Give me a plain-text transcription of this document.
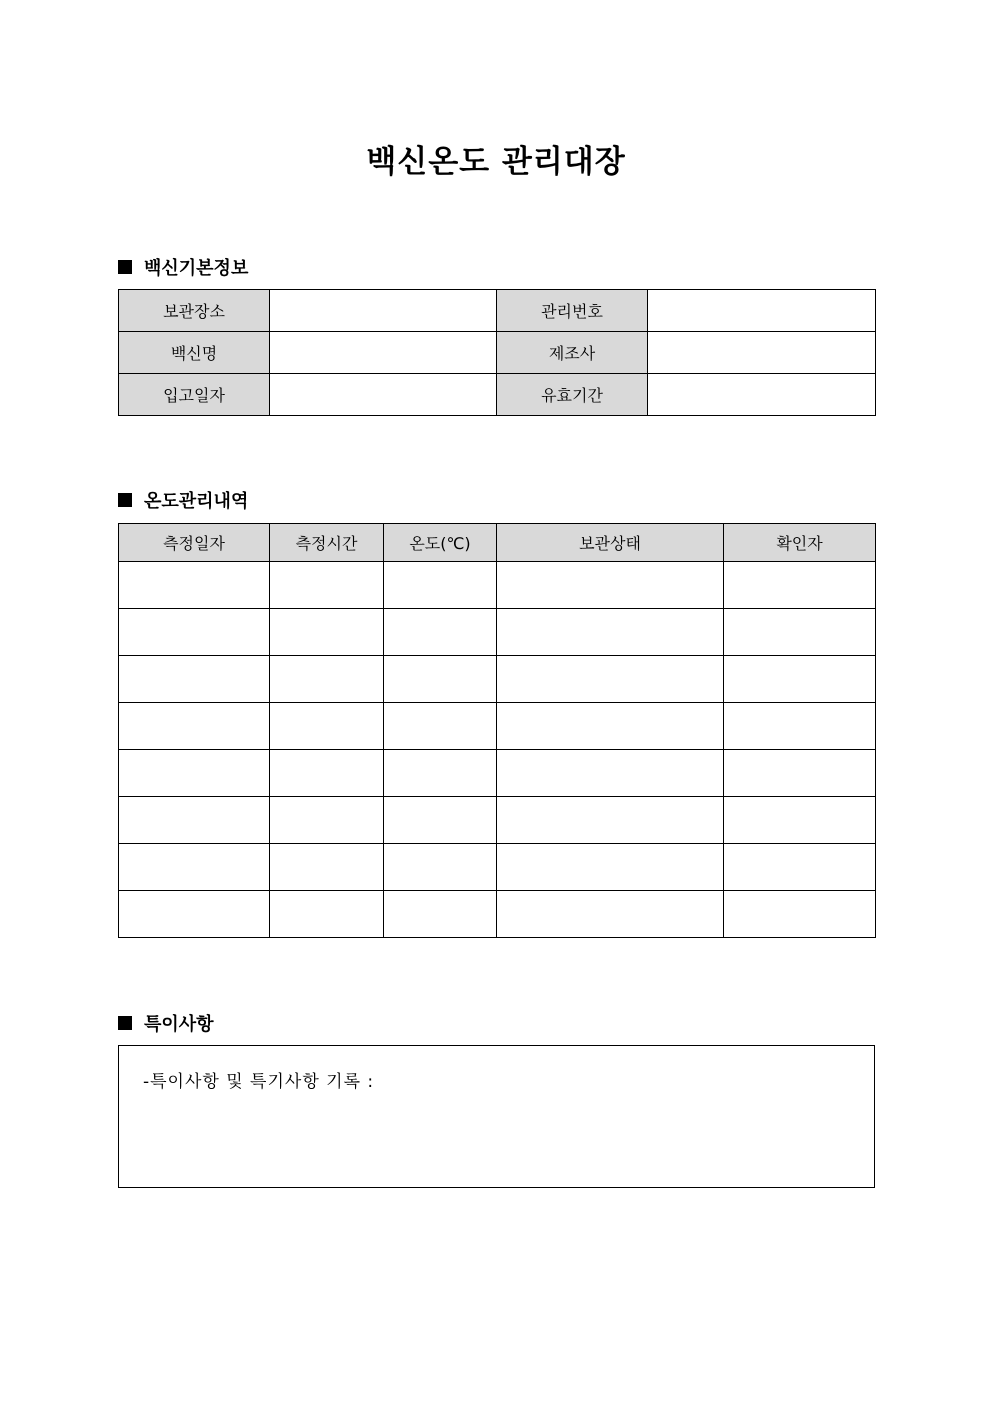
백신온도 관리대장
백신기본정보
보관장소		관리번호	
백신명		제조사	
입고일자		유효기간	
온도관리내역
측정일자	측정시간	온도(℃)	보관상태	확인자

특이사항
-특이사항 및 특기사항 기록 :
